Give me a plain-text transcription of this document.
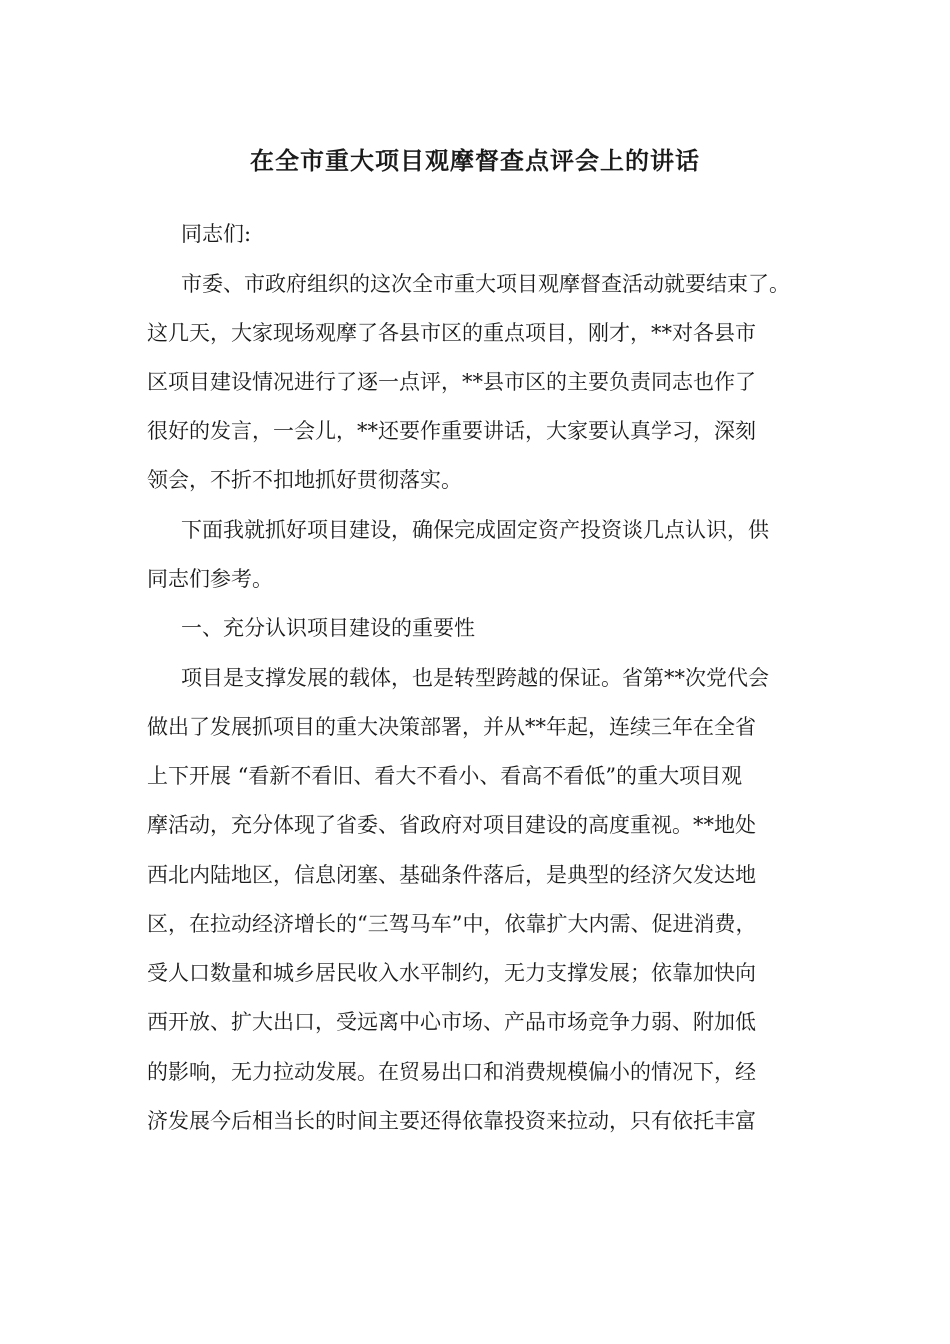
在全市重大项目观摩督查点评会上的讲话

同志们:

市委、市政府组织的这次全市重大项目观摩督查活动就要结束了。

这几天，大家现场观摩了各县市区的重点项目，刚才，**对各县市

区项目建设情况进行了逐一点评，**县市区的主要负责同志也作了

很好的发言，一会儿，**还要作重要讲话，大家要认真学习，深刻

领会，不折不扣地抓好贯彻落实。

下面我就抓好项目建设，确保完成固定资产投资谈几点认识，供

同志们参考。

一、充分认识项目建设的重要性

项目是支撑发展的载体，也是转型跨越的保证。省第**次党代会

做出了发展抓项目的重大决策部署，并从**年起，连续三年在全省

上下开展 “看新不看旧、看大不看小、看高不看低”的重大项目观

摩活动，充分体现了省委、省政府对项目建设的高度重视。**地处

西北内陆地区，信息闭塞、基础条件落后，是典型的经济欠发达地

区，在拉动经济增长的“三驾马车”中，依靠扩大内需、促进消费，

受人口数量和城乡居民收入水平制约，无力支撑发展；依靠加快向

西开放、扩大出口，受远离中心市场、产品市场竞争力弱、附加低

的影响，无力拉动发展。在贸易出口和消费规模偏小的情况下，经

济发展今后相当长的时间主要还得依靠投资来拉动，只有依托丰富
